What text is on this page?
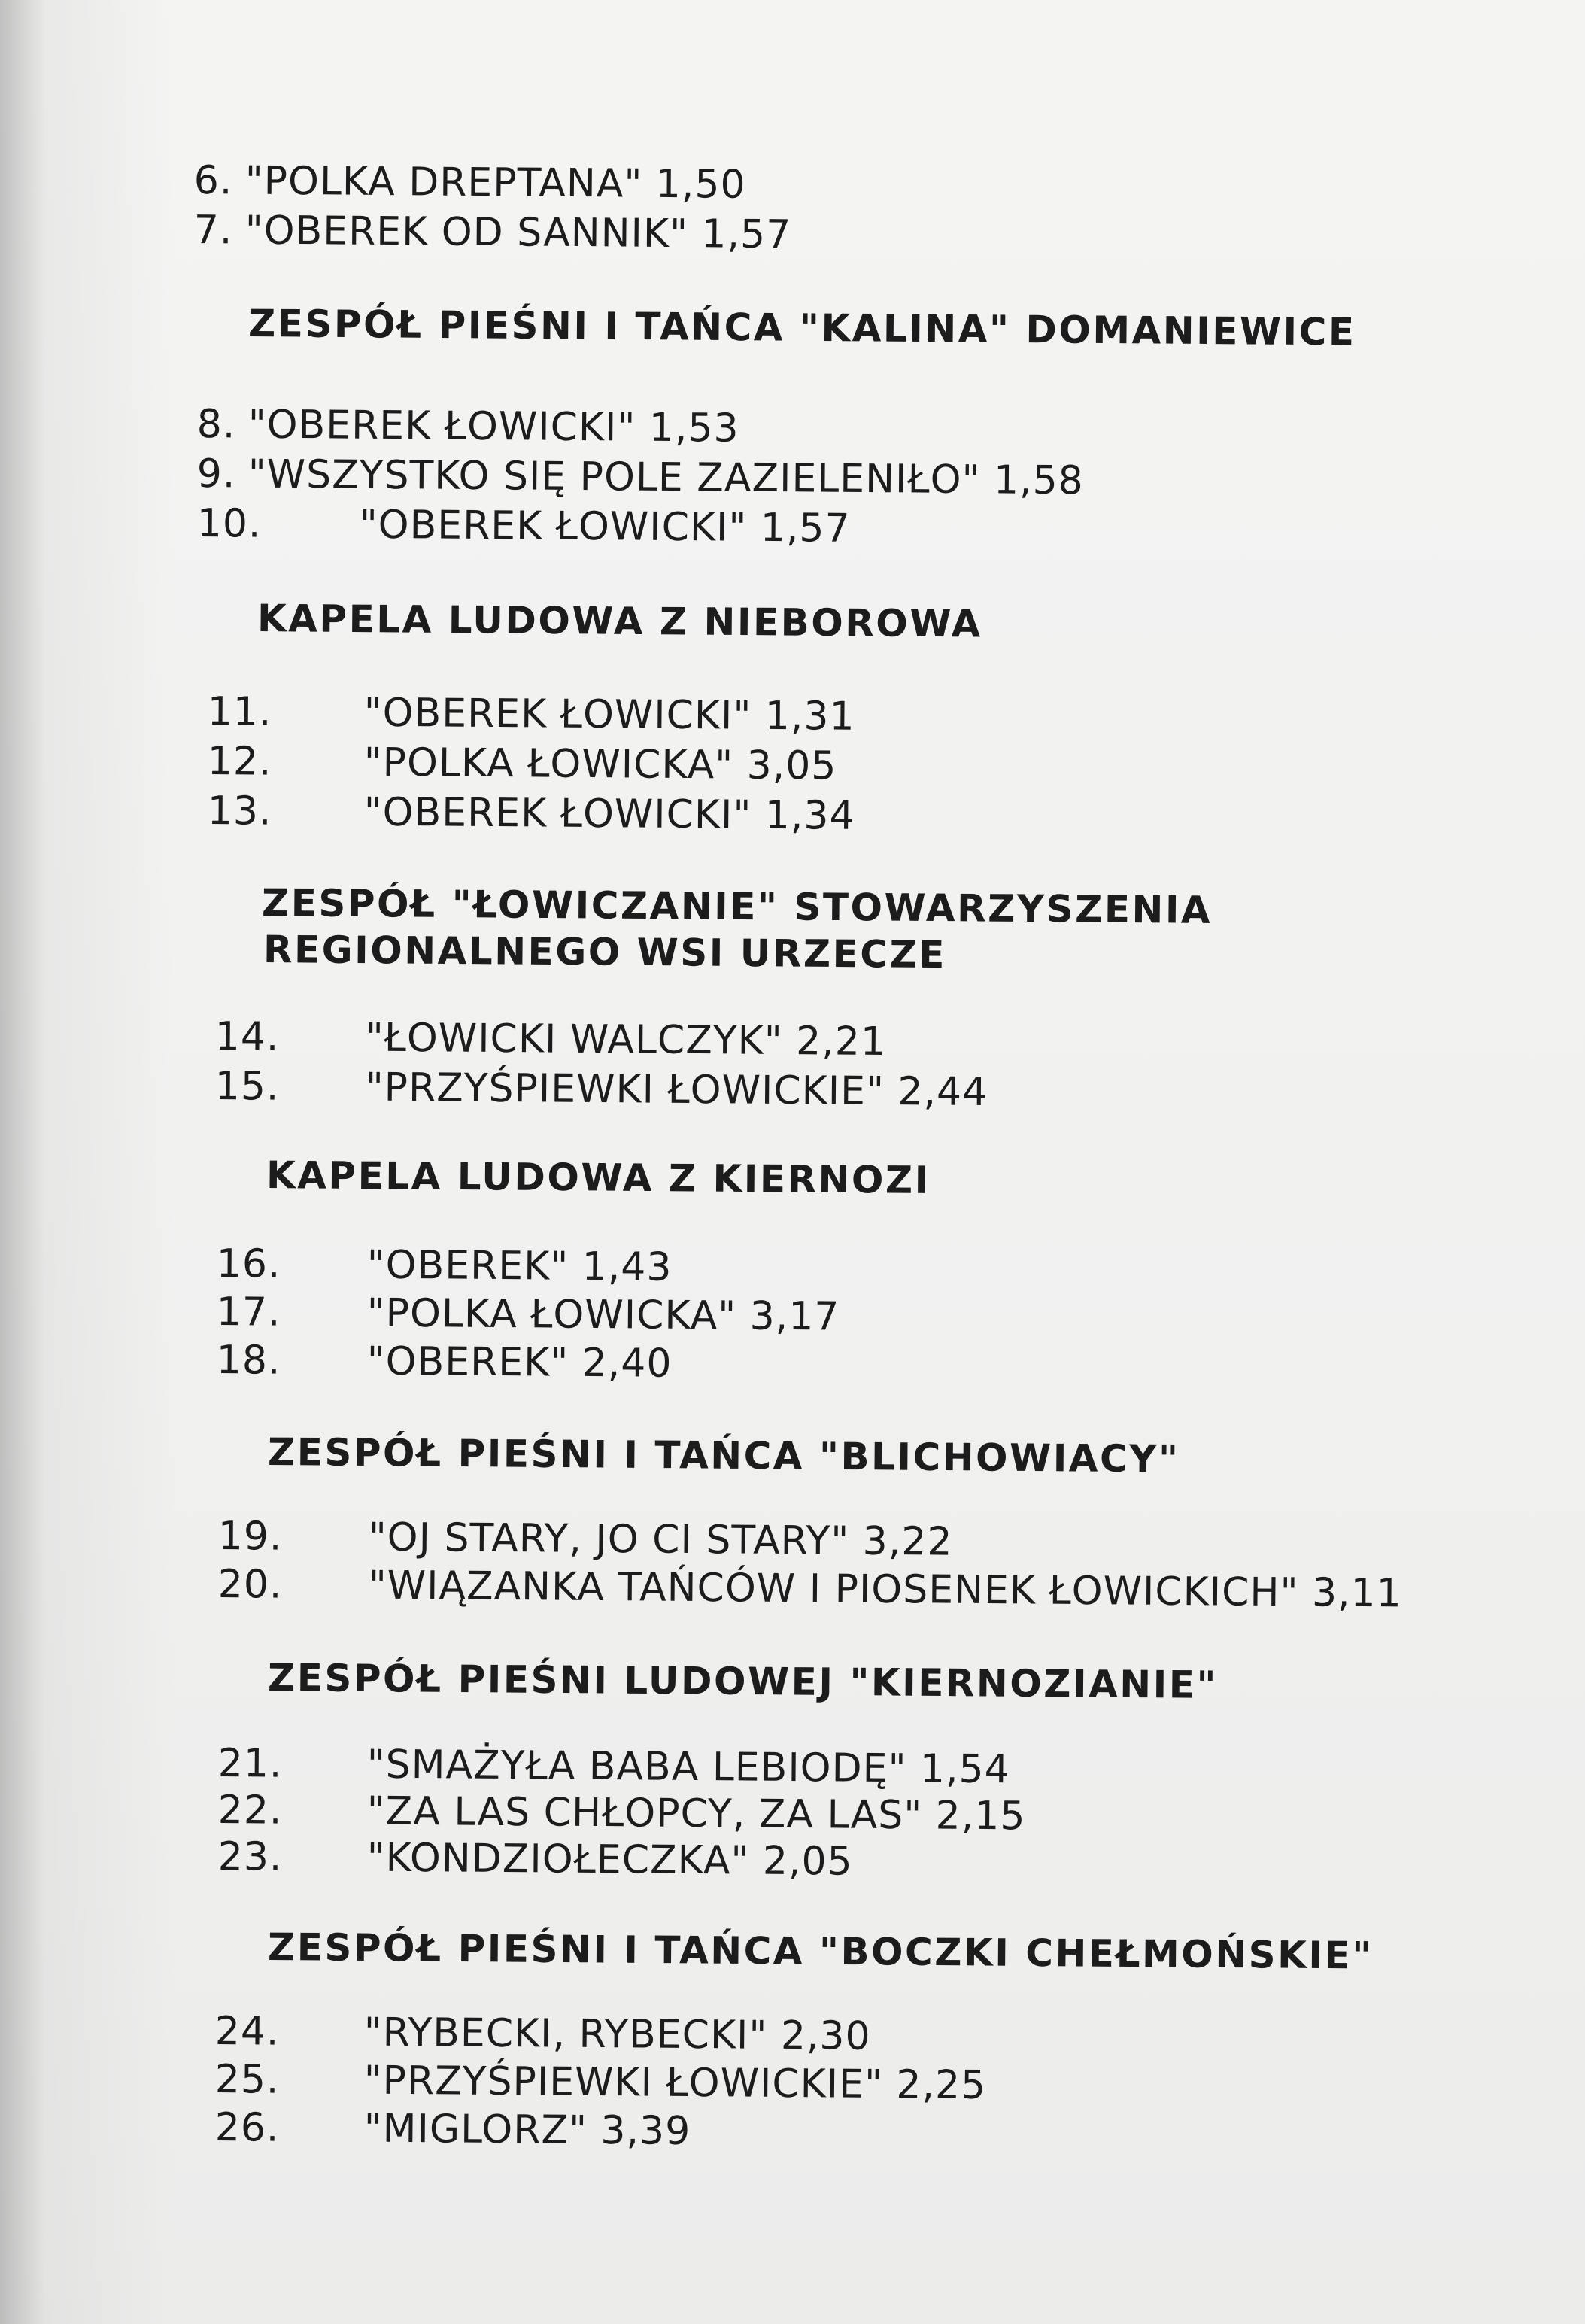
6. "POLKA DREPTANA" 1,50
7. "OBEREK OD SANNIK" 1,57
ZESPÓŁ PIEŚNI I TAŃCA "KALINA" DOMANIEWICE
8. "OBEREK ŁOWICKI" 1,53
9. "WSZYSTKO SIĘ POLE ZAZIELENIŁO" 1,58
10. "OBEREK ŁOWICKI" 1,57
KAPELA LUDOWA Z NIEBOROWA
11. "OBEREK ŁOWICKI" 1,31
12. "POLKA ŁOWICKA" 3,05
13. "OBEREK ŁOWICKI" 1,34
ZESPÓŁ "ŁOWICZANIE" STOWARZYSZENIA
REGIONALNEGO WSI URZECZE
14. "ŁOWICKI WALCZYK" 2,21
15. "PRZYŚPIEWKI ŁOWICKIE" 2,44
KAPELA LUDOWA Z KIERNOZI
16. "OBEREK" 1,43
17. "POLKA ŁOWICKA" 3,17
18. "OBEREK" 2,40
ZESPÓŁ PIEŚNI I TAŃCA "BLICHOWIACY"
19. "OJ STARY, JO CI STARY" 3,22
20. "WIĄZANKA TAŃCÓW I PIOSENEK ŁOWICKICH" 3,11
ZESPÓŁ PIEŚNI LUDOWEJ "KIERNOZIANIE"
21. "SMAŻYŁA BABA LEBIODĘ" 1,54
22. "ZA LAS CHŁOPCY, ZA LAS" 2,15
23. "KONDZIOŁECZKA" 2,05
ZESPÓŁ PIEŚNI I TAŃCA "BOCZKI CHEŁMOŃSKIE"
24. "RYBECKI, RYBECKI" 2,30
25. "PRZYŚPIEWKI ŁOWICKIE" 2,25
26. "MIGLORZ" 3,39
